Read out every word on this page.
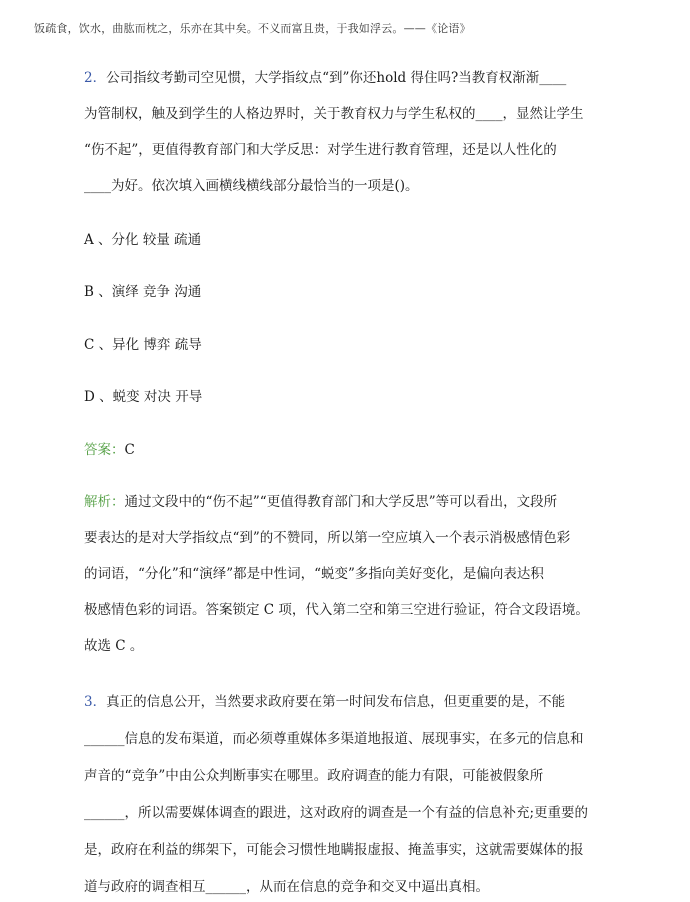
饭疏食，饮水，曲肱而枕之，乐亦在其中矣。不义而富且贵，于我如浮云。——《论语》
2．公司指纹考勤司空见惯，大学指纹点“到”你还hold 得住吗?当教育权渐渐____
为管制权，触及到学生的人格边界时，关于教育权力与学生私权的____，显然让学生
“伤不起”，更值得教育部门和大学反思：对学生进行教育管理，还是以人性化的
____为好。依次填入画横线横线部分最恰当的一项是()。
A 、分化 较量 疏通
B 、演绎 竞争 沟通
C 、异化 博弈 疏导
D 、蜕变 对决 开导
答案：C
解析：通过文段中的“伤不起”“更值得教育部门和大学反思”等可以看出，文段所
要表达的是对大学指纹点“到”的不赞同，所以第一空应填入一个表示消极感情色彩
的词语，“分化”和“演绎”都是中性词，“蜕变”多指向美好变化，是偏向表达积
极感情色彩的词语。答案锁定 C 项，代入第二空和第三空进行验证，符合文段语境。
故选 C 。
3．真正的信息公开，当然要求政府要在第一时间发布信息，但更重要的是，不能
______信息的发布渠道，而必须尊重媒体多渠道地报道、展现事实，在多元的信息和
声音的“竞争”中由公众判断事实在哪里。政府调查的能力有限，可能被假象所
______，所以需要媒体调查的跟进，这对政府的调查是一个有益的信息补充;更重要的
是，政府在利益的绑架下，可能会习惯性地瞒报虚报、掩盖事实，这就需要媒体的报
道与政府的调查相互______，从而在信息的竞争和交叉中逼出真相。
